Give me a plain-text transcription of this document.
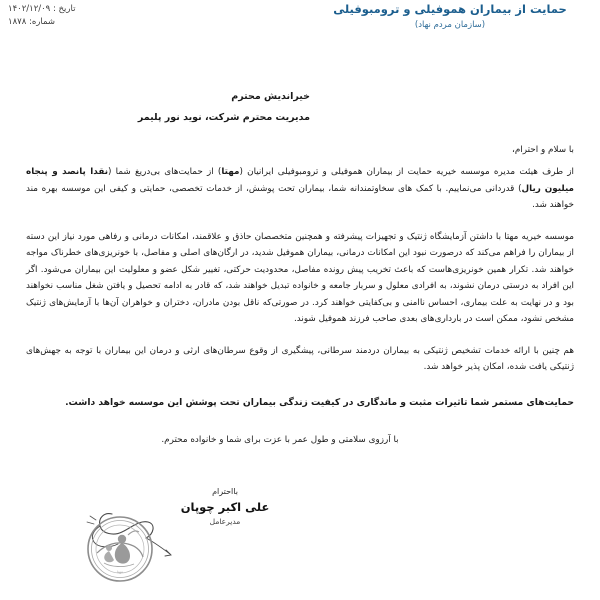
حمایت از بیماران هموفیلی و ترومبوفیلی
(سازمان مردم نهاد)
تاریخ : ۱۴۰۲/۱۲/۰۹
شماره: ۱۸۷۸
خیراندیش محترم
مدیریت محترم شرکت، نوید نور پلیمر
با سلام و احترام،

از طرف هیئت مدیره موسسه خیریه حمایت از بیماران هموفیلی و ترومبوفیلی ایرانیان (مهتا) از حمایت‌های بی‌دریغ شما (نقدا پانصد و پنجاه میلیون ریال) قدردانی می‌نماییم. با کمک های سخاوتمندانه شما، بیماران تحت پوشش، از خدمات تخصصی، حمایتی و کیفی این موسسه بهره مند خواهند شد.

موسسه خیریه مهتا با داشتن آزمایشگاه ژنتیک و تجهیزات پیشرفته و همچنین متخصصان حاذق و علاقمند، امکانات درمانی و رفاهی مورد نیاز این دسته از بیماران را فراهم می‌کند که درصورت نبود این امکانات درمانی، بیماران هموفیل شدید، در ارگان‌های اصلی و مفاصل، با خونریزی‌های خطرناک مواجه خواهند شد. تکرار همین خونریزی‌هاست که باعث تخریب پیش رونده مفاصل، محدودیت حرکتی، تغییر شکل عضو و معلولیت این بیماران می‌شود. اگر این افراد به درستی درمان نشوند، به افرادی معلول و سربار جامعه و خانواده تبدیل خواهند شد، که قادر به ادامه تحصیل و یافتن شغل مناسب نخواهند بود و در نهایت به علت بیماری، احساس ناامنی و بی‌کفایتی خواهند کرد. در صورتی‌که ناقل بودن مادران، دختران و خواهران آن‌ها با آزمایش‌های ژنتیک مشخص نشود، ممکن است در بارداری‌های بعدی صاحب فرزند هموفیل شوند.

هم چنین با ارائه خدمات تشخیص ژنتیکی به بیماران دردمند سرطانی، پیشگیری از وقوع سرطان‌های ارثی و درمان این بیماران با توجه به جهش‌های ژنتیکی یافت شده، امکان پذیر خواهد شد.

حمایت‌های مستمر شما تاثیرات مثبت و ماندگاری در کیفیت زندگی بیماران تحت پوشش این موسسه خواهد داشت.

با آرزوی سلامتی و طول عمر با عزت برای شما و خانواده محترم.
بااحترام
علی اکبر چوپان
مدیرعامل
مهتا
